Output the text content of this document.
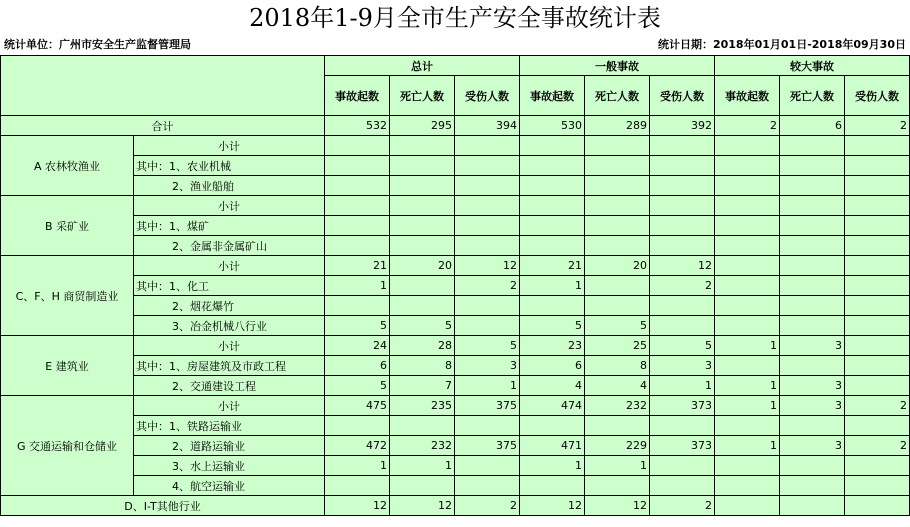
2018年1-9月全市生产安全事故统计表
统计单位：广州市安全生产监督管理局	统计日期：2018年01月01日-2018年09月30日
		总计			一般事故			较大事故		
		事故起数	死亡人数	受伤人数	事故起数	死亡人数	受伤人数	事故起数	死亡人数	受伤人数
合计		532	295	394	530	289	392	2	6	2
A 农林牧渔业	小计									
	其中：1、农业机械									
	2、渔业船舶									
B 采矿业	小计									
	其中：1、煤矿									
	2、金属非金属矿山									
C、F、H 商贸制造业	小计	21	20	12	21	20	12			
	其中：1、化工	1		2	1		2			
	2、烟花爆竹									
	3、冶金机械八行业	5	5		5	5				
E 建筑业	小计	24	28	5	23	25	5	1	3	
	其中：1、房屋建筑及市政工程	6	8	3	6	8	3			
	2、交通建设工程	5	7	1	4	4	1	1	3	
G 交通运输和仓储业	小计	475	235	375	474	232	373	1	3	2
	其中：1、铁路运输业									
	2、道路运输业	472	232	375	471	229	373	1	3	2
	3、水上运输业	1	1		1	1				
	4、航空运输业									
D、I-T其他行业		12	12	2	12	12	2			
